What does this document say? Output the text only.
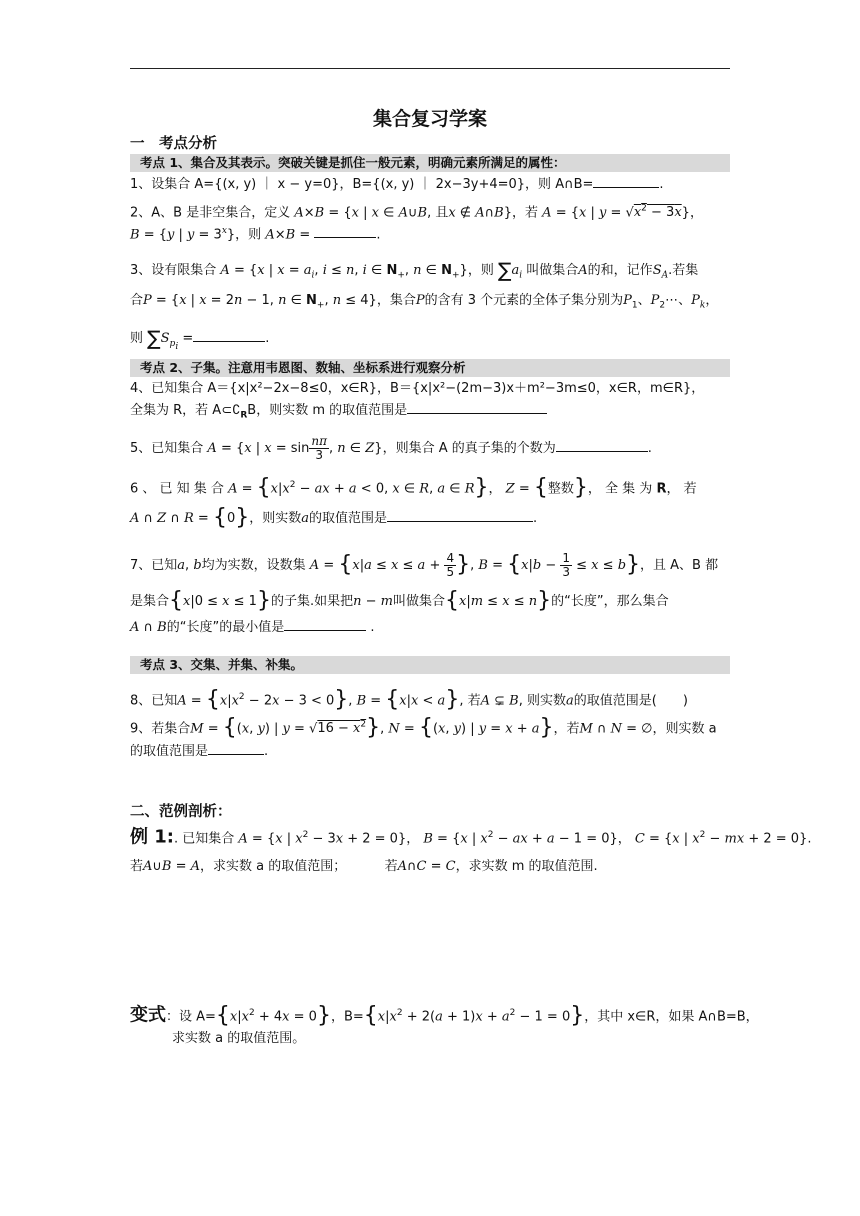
集合复习学案
一　考点分析
考点 1、集合及其表示。突破关键是抓住一般元素，明确元素所满足的属性：
1、设集合 A={(x, y) ｜ x − y=0}，B={(x, y) ｜ 2x−3y+4=0}，则 A∩B=	.
2、A、B 是非空集合，定义 A×B = {x | x ∈ A∪B, 且x ∉ A∩B}，若 A = {x | $y = √x^2 - 3x$}，
B = {y | $y = 3^x$}，则 A×B =	.
3、设有限集合 A = {x | $x = a_i$, i ≤ n, i ∈ $N_+$, n ∈ $N_+$}，则 $\sum a_i$ 叫做集合A的和，记作$S_A$.若集
合P = {x | x = 2n − 1, n ∈ $N_+$, n ≤ 4}，集合P的含有 3 个元素的全体子集分别为$P_1$、$P_2\cdots$、$P_k$，
则 $\sum S_{p_i}$ =	.
考点 2、子集。注意用韦恩图、数轴、坐标系进行观察分析
4、已知集合 A＝{x|x²−2x−8≤0，x∈R}，B＝{x|x²−(2m−3)x＋m²−3m≤0，x∈R，m∈R}，
全集为 R，若 $A\subset∁_RB$，则实数 m 的取值范围是
5、已知集合 A = {x | $x = \sin \frac{n\pi}{3}$ , n ∈ Z}，则集合 A 的真子集的个数为	.
6 、 已 知 集 合 $A = \{x|x^2$ − ax + a < 0, x ∈ R, a ∈ R}， Z = {整数}， 全 集 为 R， 若
A ∩ Z ∩ R = {0}，则实数a的取值范围是	.
7、已知a, b均为实数，设数集 $A = \{x|a \le x \le a + \frac{4}{5}$ }, $B = \{x|b - \frac{1}{3} \le x \le b\}$，且 A、B 都
是集合{x|0 ≤ x ≤ 1}的子集.如果把n − m叫做集合{x|m ≤ x ≤ n}的“长度”，那么集合
A ∩ B的“长度”的最小值是	.
考点 3、交集、并集、补集。
8、已知$A = \{x|x^2 - 2x - 3 < 0\}$, B = {x|x < a}, 若A ⊊ B, 则实数a的取值范围是(　　)
9、若集合M = {(x, y) | $y = √16 - x^2$}, N = {(x, y) | y = x + a}，若M ∩ N = ∅，则实数 a
的取值范围是	.
二、范例剖析：
例 1:. 已知集合 A = {x | $x^2 - 3x + 2 = 0$}， B = {x | $x^2$ − ax + a − 1 = 0}， C = {x | $x^2$ − mx + 2 = 0}.
若A∪B = A，求实数 a 的取值范围；	若A∩C = C，求实数 m 的取值范围.
变式：设 $A=\{x|x^2 + 4x = 0\}$，$B=\{x|x^2 + 2(a + 1)x + a^2 - 1 = 0\}$，其中 x∈R，如果 A∩B=B，
求实数 a 的取值范围。
